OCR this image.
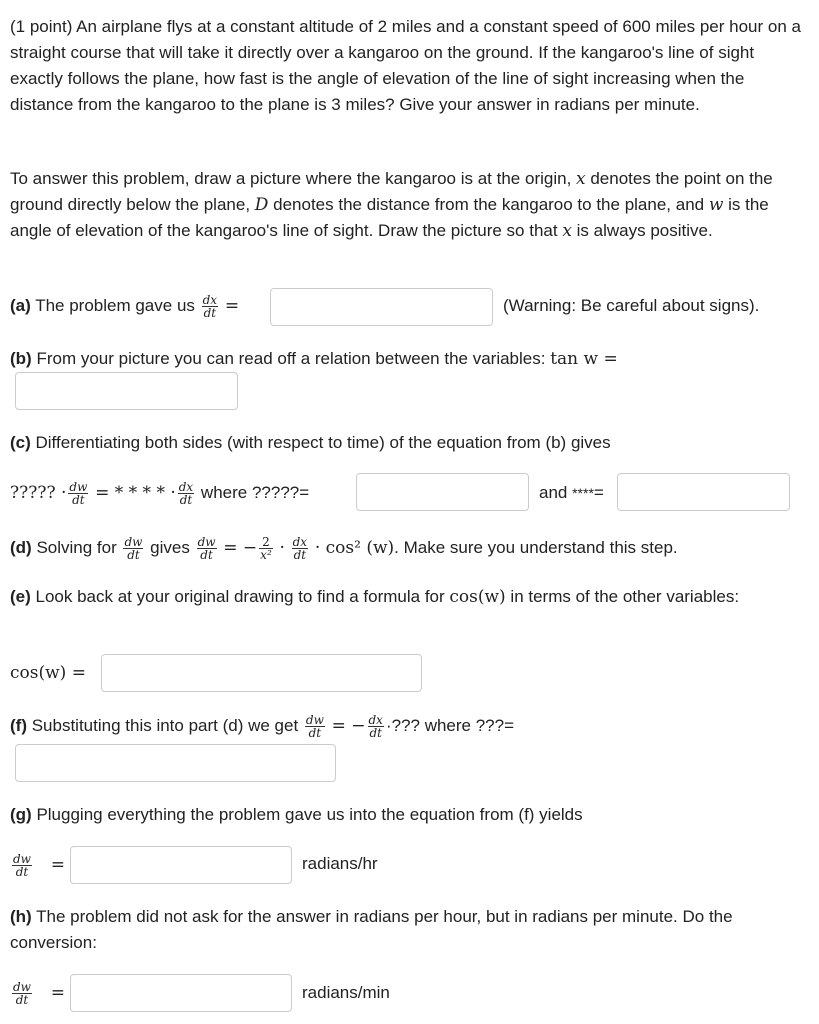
(1 point) An airplane flys at a constant altitude of 2 miles and a constant speed of 600 miles per hour on a straight course that will take it directly over a kangaroo on the ground. If the kangaroo's line of sight exactly follows the plane, how fast is the angle of elevation of the line of sight increasing when the distance from the kangaroo to the plane is 3 miles? Give your answer in radians per minute.
To answer this problem, draw a picture where the kangaroo is at the origin, x denotes the point on the ground directly below the plane, D denotes the distance from the kangaroo to the plane, and w is the angle of elevation of the kangaroo's line of sight. Draw the picture so that x is always positive.
(a) The problem gave us $\frac{dx}{dt}$ =	(Warning: Be careful about signs).
(b) From your picture you can read off a relation between the variables: tan w =
(c) Differentiating both sides (with respect to time) of the equation from (b) gives
????? · $\frac{dw}{dt}$ = * * * * · $\frac{dx}{dt}$ where ?????=	and ****=
(d) Solving for $\frac{dw}{dt}$ gives $\frac{dw}{dt}$ = − $\frac{2}{\text{x²}} \cdot \frac{dx}{dt} \cdot \cos^2$ (w). Make sure you understand this step.
(e) Look back at your original drawing to find a formula for cos(w) in terms of the other variables:
cos(w) =
(f) Substituting this into part (d) we get $\frac{dw}{dt}$ = − $\frac{dx}{dt}$ ·??? where ???=
(g) Plugging everything the problem gave us into the equation from (f) yields
$\frac{dw}{dt}$ =	radians/hr
(h) The problem did not ask for the answer in radians per hour, but in radians per minute. Do the conversion:
$\frac{dw}{dt}$ =	radians/min
